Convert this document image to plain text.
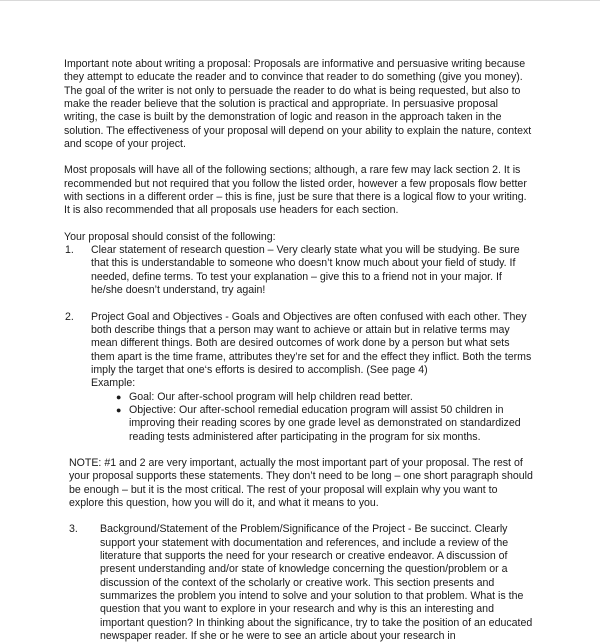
Important note about writing a proposal: Proposals are informative and persuasive writing because they attempt to educate the reader and to convince that reader to do something (give you money). The goal of the writer is not only to persuade the reader to do what is being requested, but also to make the reader believe that the solution is practical and appropriate. In persuasive proposal writing, the case is built by the demonstration of logic and reason in the approach taken in the solution. The effectiveness of your proposal will depend on your ability to explain the nature, context and scope of your project.

Most proposals will have all of the following sections; although, a rare few may lack section 2. It is recommended but not required that you follow the listed order, however a few proposals flow better with sections in a different order – this is fine, just be sure that there is a logical flow to your writing. It is also recommended that all proposals use headers for each section.

Your proposal should consist of the following:
1. Clear statement of research question – Very clearly state what you will be studying. Be sure that this is understandable to someone who doesn’t know much about your field of study. If needed, define terms. To test your explanation – give this to a friend not in your major. If he/she doesn’t understand, try again!
2. Project Goal and Objectives - Goals and Objectives are often confused with each other. They both describe things that a person may want to achieve or attain but in relative terms may mean different things. Both are desired outcomes of work done by a person but what sets them apart is the time frame, attributes they’re set for and the effect they inflict. Both the terms imply the target that one‘s efforts is desired to accomplish. (See page 4)
Example:
● Goal: Our after-school program will help children read better.
● Objective: Our after-school remedial education program will assist 50 children in improving their reading scores by one grade level as demonstrated on standardized reading tests administered after participating in the program for six months.

NOTE: #1 and 2 are very important, actually the most important part of your proposal. The rest of your proposal supports these statements. They don’t need to be long – one short paragraph should be enough – but it is the most critical. The rest of your proposal will explain why you want to explore this question, how you will do it, and what it means to you.

3. Background/Statement of the Problem/Significance of the Project - Be succinct. Clearly support your statement with documentation and references, and include a review of the literature that supports the need for your research or creative endeavor. A discussion of present understanding and/or state of knowledge concerning the question/problem or a discussion of the context of the scholarly or creative work. This section presents and summarizes the problem you intend to solve and your solution to that problem. What is the question that you want to explore in your research and why is this an interesting and important question? In thinking about the significance, try to take the position of an educated newspaper reader. If she or he were to see an article about your research in
